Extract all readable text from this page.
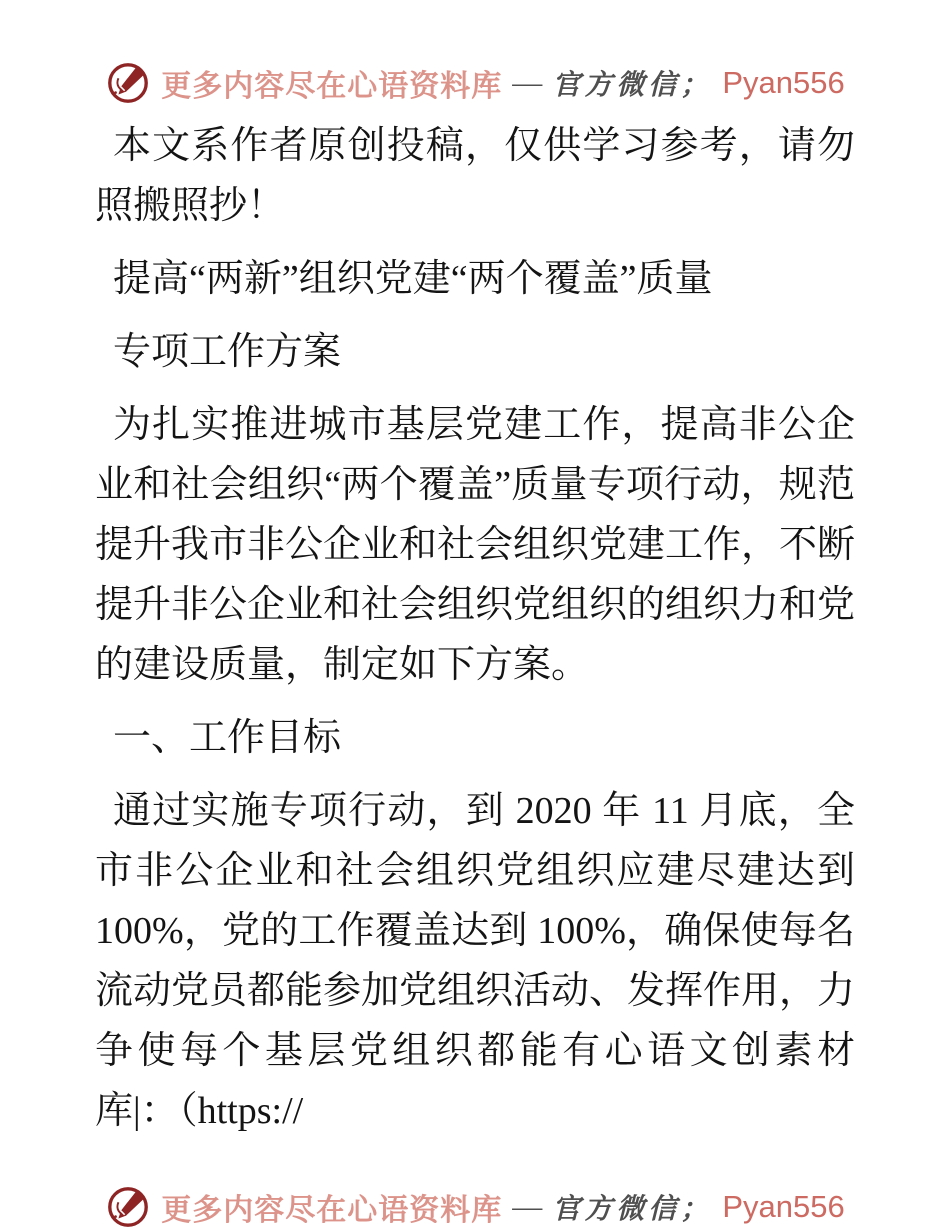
更多内容尽在心语资料库 — 官方微信； Pyan556

本文系作者原创投稿，仅供学习参考，请勿照搬照抄！

提高“两新”组织党建“两个覆盖”质量

专项工作方案

为扎实推进城市基层党建工作，提高非公企业和社会组织“两个覆盖”质量专项行动，规范提升我市非公企业和社会组织党建工作，不断提升非公企业和社会组织党组织的组织力和党的建设质量，制定如下方案。

一、工作目标

通过实施专项行动，到 2020 年 11 月底，全市非公企业和社会组织党组织应建尽建达到 100%，党的工作覆盖达到 100%，确保使每名流动党员都能参加党组织活动、发挥作用，力争使每个基层党组织都能有心语文创素材库|：（https://

更多内容尽在心语资料库 — 官方微信； Pyan556
